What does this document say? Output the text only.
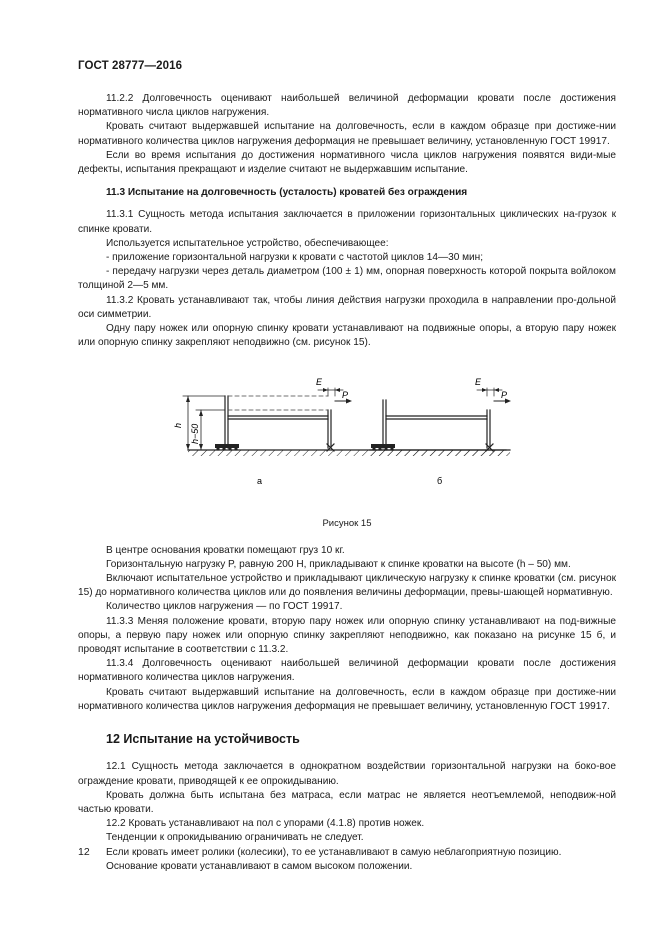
ГОСТ 28777—2016

11.2.2 Долговечность оценивают наибольшей величиной деформации кровати после достижения нормативного числа циклов нагружения.

Кровать считают выдержавшей испытание на долговечность, если в каждом образце при достиже-нии нормативного количества циклов нагружения деформация не превышает величину, установленную ГОСТ 19917.

Если во время испытания до достижения нормативного числа циклов нагружения появятся види-мые дефекты, испытания прекращают и изделие считают не выдержавшим испытание.

11.3 Испытание на долговечность (усталость) кроватей без ограждения

11.3.1 Сущность метода испытания заключается в приложении горизонтальных циклических на-грузок к спинке кровати.

Используется испытательное устройство, обеспечивающее:

- приложение горизонтальной нагрузки к кровати с частотой циклов 14—30 мин;

- передачу нагрузки через деталь диаметром (100 ± 1) мм, опорная поверхность которой покрыта войлоком толщиной 2—5 мм.

11.3.2 Кровать устанавливают так, чтобы линия действия нагрузки проходила в направлении про-дольной оси симметрии.

Одну пару ножек или опорную спинку кровати устанавливают на подвижные опоры, а вторую пару ножек или опорную спинку закрепляют неподвижно (см. рисунок 15).

E
P
h h−50
а
E
P
б
Рисунок 15

В центре основания кроватки помещают груз 10 кг.

Горизонтальную нагрузку P, равную 200 Н, прикладывают к спинке кроватки на высоте (h – 50) мм.

Включают испытательное устройство и прикладывают циклическую нагрузку к спинке кроватки (см. рисунок 15) до нормативного количества циклов или до появления величины деформации, превы-шающей нормативную.

Количество циклов нагружения — по ГОСТ 19917.

11.3.3 Меняя положение кровати, вторую пару ножек или опорную спинку устанавливают на под-вижные опоры, а первую пару ножек или опорную спинку закрепляют неподвижно, как показано на рисунке 15 б, и проводят испытание в соответствии с 11.3.2.

11.3.4 Долговечность оценивают наибольшей величиной деформации кровати после достижения нормативного количества циклов нагружения.

Кровать считают выдержавший испытание на долговечность, если в каждом образце при достиже-нии нормативного количества циклов нагружения деформация не превышает величину, установленную ГОСТ 19917.

12 Испытание на устойчивость

12.1 Сущность метода заключается в однократном воздействии горизонтальной нагрузки на боко-вое ограждение кровати, приводящей к ее опрокидыванию.

Кровать должна быть испытана без матраса, если матрас не является неотъемлемой, неподвиж-ной частью кровати.

12.2 Кровать устанавливают на пол с упорами (4.1.8) против ножек.

Тенденции к опрокидыванию ограничивать не следует.

Если кровать имеет ролики (колесики), то ее устанавливают в самую неблагоприятную позицию.

Основание кровати устанавливают в самом высоком положении.

12
